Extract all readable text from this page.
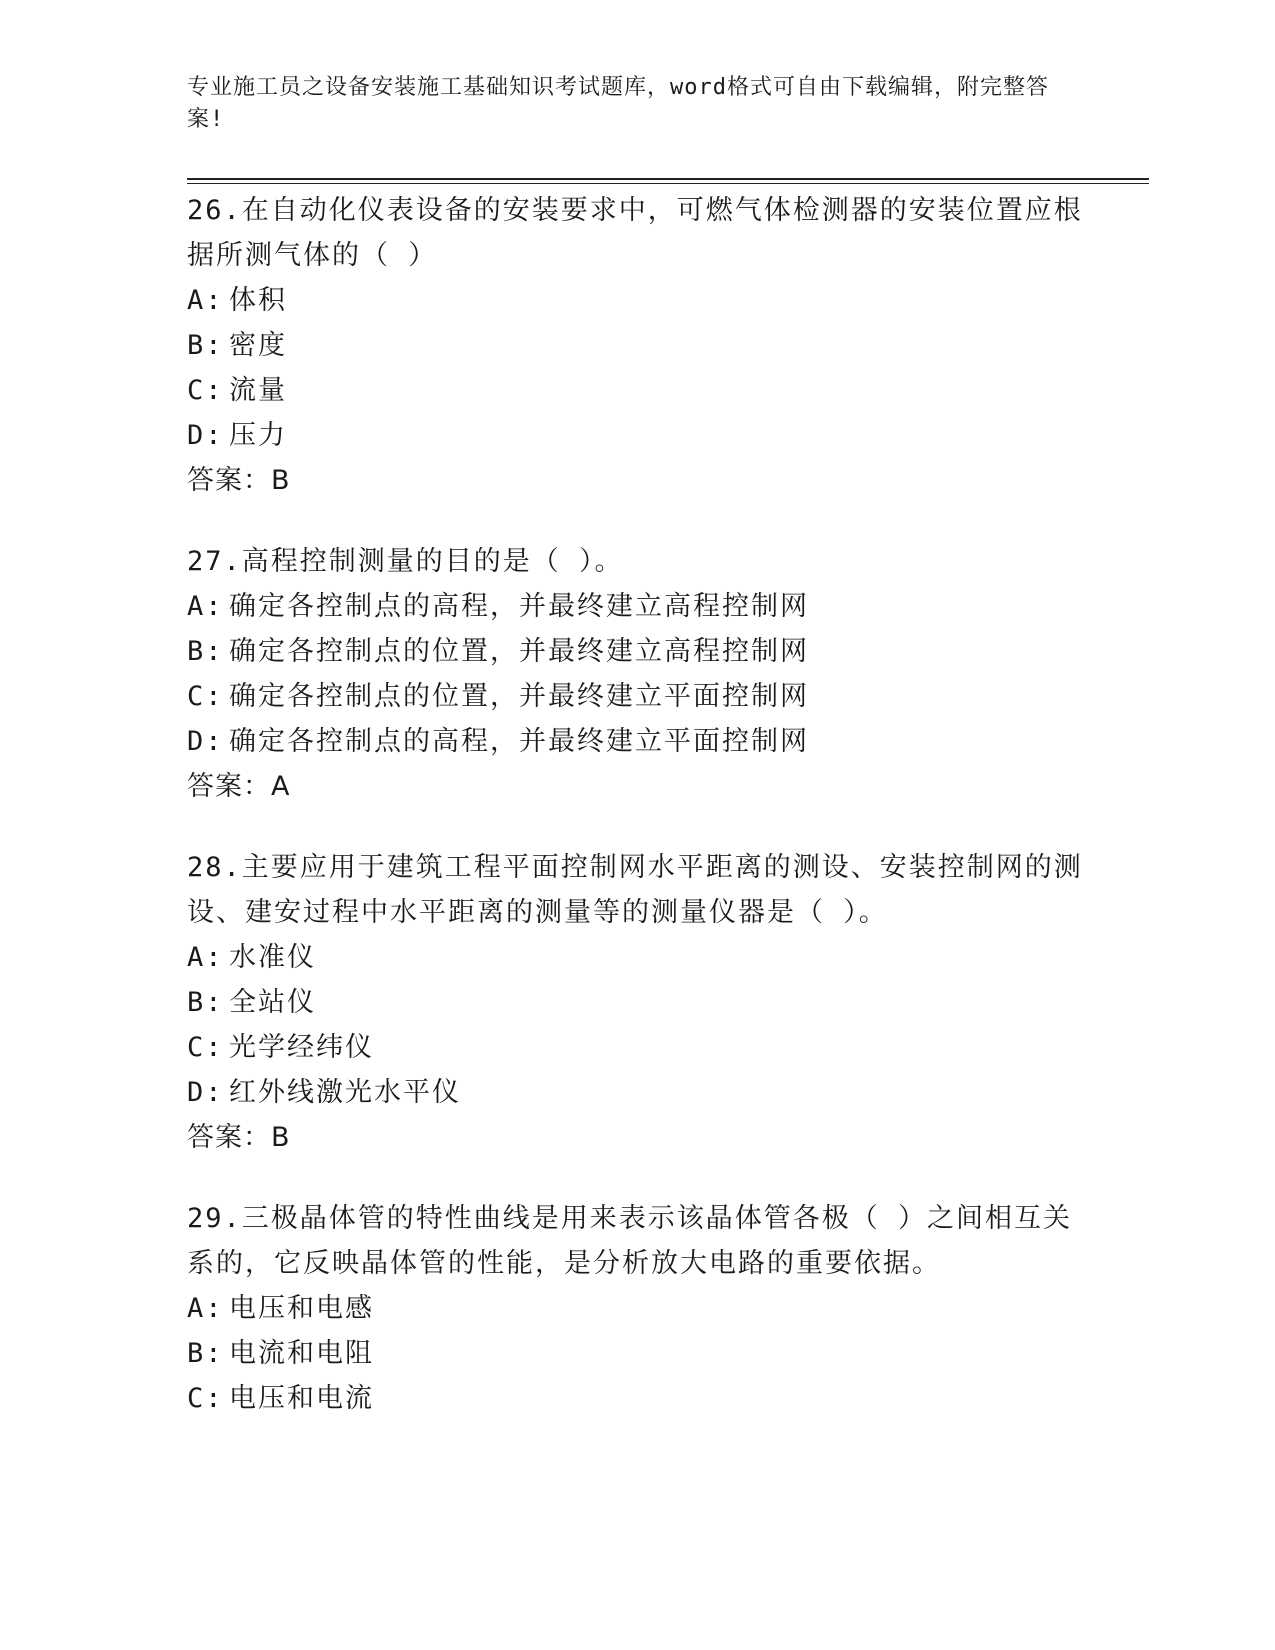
专业施工员之设备安装施工基础知识考试题库，word格式可自由下载编辑，附完整答案!

26.在自动化仪表设备的安装要求中，可燃气体检测器的安装位置应根据所测气体的（ ）

A: 体积

B: 密度

C: 流量

D: 压力

答案：B

27.高程控制测量的目的是（ ）。

A: 确定各控制点的高程，并最终建立高程控制网

B: 确定各控制点的位置，并最终建立高程控制网

C: 确定各控制点的位置，并最终建立平面控制网

D: 确定各控制点的高程，并最终建立平面控制网

答案：A

28.主要应用于建筑工程平面控制网水平距离的测设、安装控制网的测设、建安过程中水平距离的测量等的测量仪器是（ ）。

A: 水准仪

B: 全站仪

C: 光学经纬仪

D: 红外线激光水平仪

答案：B

29.三极晶体管的特性曲线是用来表示该晶体管各极（ ）之间相互关系的，它反映晶体管的性能，是分析放大电路的重要依据。

A: 电压和电感

B: 电流和电阻

C: 电压和电流
